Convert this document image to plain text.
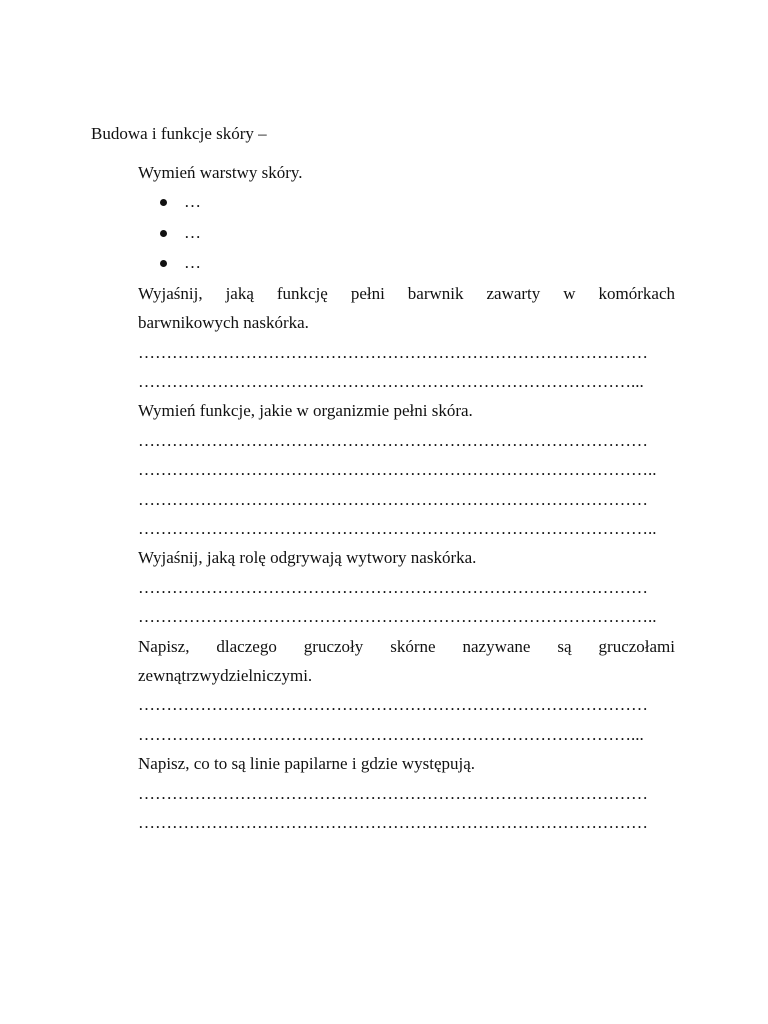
Budowa i funkcje skóry –
Wymień warstwy skóry.
…
…
…
Wyjaśnij, jaką funkcję pełni barwnik zawarty w komórkach
barwnikowych naskórka.
………………………………………………………………………………
……………………………………………………………………………...
Wymień funkcje, jakie w organizmie pełni skóra.
………………………………………………………………………………
………………………………………………………………………………..
………………………………………………………………………………
………………………………………………………………………………..
Wyjaśnij, jaką rolę odgrywają wytwory naskórka.
………………………………………………………………………………
………………………………………………………………………………..
Napisz, dlaczego gruczoły skórne nazywane są gruczołami
zewnątrzwydzielniczymi.
………………………………………………………………………………
……………………………………………………………………………...
Napisz, co to są linie papilarne i gdzie występują.
………………………………………………………………………………
………………………………………………………………………………
